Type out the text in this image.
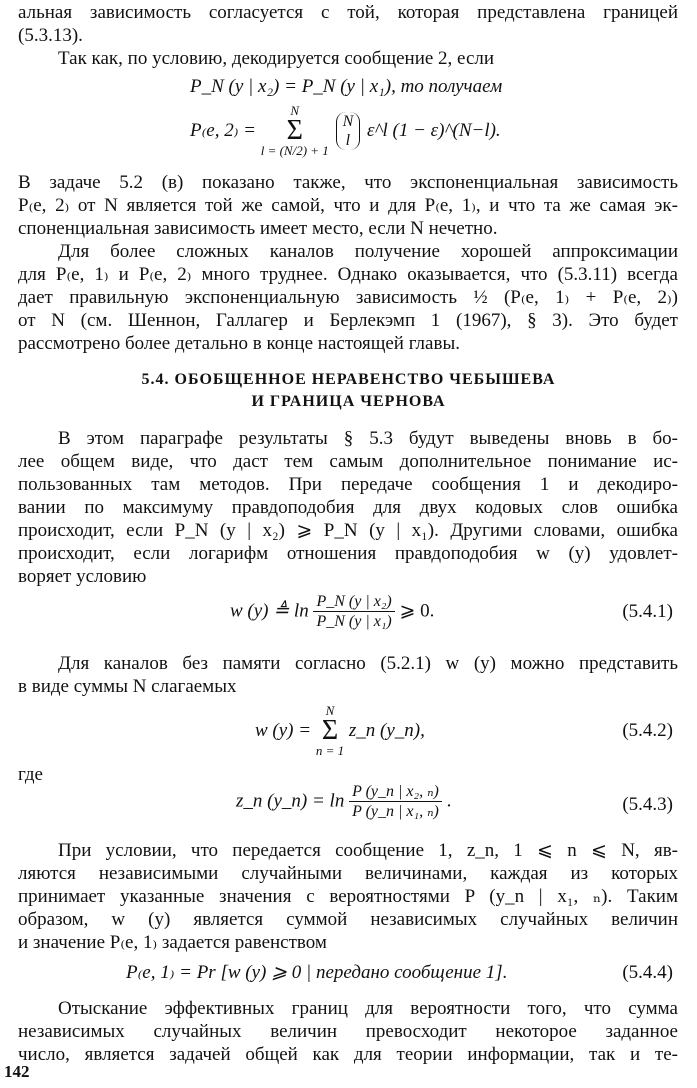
альная зависимость согласуется с той, которая представлена границей
(5.3.13).
Так как, по условию, декодируется сообщение 2, если
P_N (y | x₂) = P_N (y | x₁), то получаем
P₍e, 2₎ =
N
Σ
l = (N/2) + 1

N
l ε^l (1 − ε)^(N−l).
В задаче 5.2 (в) показано также, что экспоненциальная зависимость
P₍e, 2₎ от N является той же самой, что и для P₍e, 1₎, и что та же самая эк-
споненциальная зависимость имеет место, если N нечетно.
Для более сложных каналов получение хорошей аппроксимации
для P₍e, 1₎ и P₍e, 2₎ много труднее. Однако оказывается, что (5.3.11) всегда
дает правильную экспоненциальную зависимость ½ (P₍e, 1₎ + P₍e, 2₎)
от N (см. Шеннон, Галлагер и Берлекэмп 1 (1967), § 3). Это будет
рассмотрено более детально в конце настоящей главы.
5.4. ОБОБЩЕННОЕ НЕРАВЕНСТВО ЧЕБЫШЕВА
И ГРАНИЦА ЧЕРНОВА
В этом параграфе результаты § 5.3 будут выведены вновь в бо-
лее общем виде, что даст тем самым дополнительное понимание ис-
пользованных там методов. При передаче сообщения 1 и декодиро-
вании по максимуму правдоподобия для двух кодовых слов ошибка
происходит, если P_N (y | x₂) ⩾ P_N (y | x₁). Другими словами, ошибка
происходит, если логарифм отношения правдоподобия w (y) удовлет-
воряет условию
w (y) ≜ $\ln \frac{\text{P\_N (y | x₂)}}{\text{P\_N (y | x₁)}}$ ⩾ 0.	(5.4.1)
Для каналов без памяти согласно (5.2.1) w (y) можно представить
в виде суммы N слагаемых
w (y) =
N
Σ
n = 1
z_n (y_n),	(5.4.2)
где
z_n (y_n) = $\ln \frac{\text{P (y\_n | x₂, ₙ)}}{\text{P (y\_n | x₁, ₙ)}}$ .	(5.4.3)
При условии, что передается сообщение 1, z_n, 1 ⩽ n ⩽ N, яв-
ляются независимыми случайными величинами, каждая из которых
принимает указанные значения с вероятностями P (y_n | x₁, ₙ). Таким
образом, w (y) является суммой независимых случайных величин
и значение P₍e, 1₎ задается равенством
P₍e, 1₎ = Pr [w (y) ⩾ 0 | передано сообщение 1].	(5.4.4)
Отыскание эффективных границ для вероятности того, что сумма
независимых случайных величин превосходит некоторое заданное
число, является задачей общей как для теории информации, так и те-
142
